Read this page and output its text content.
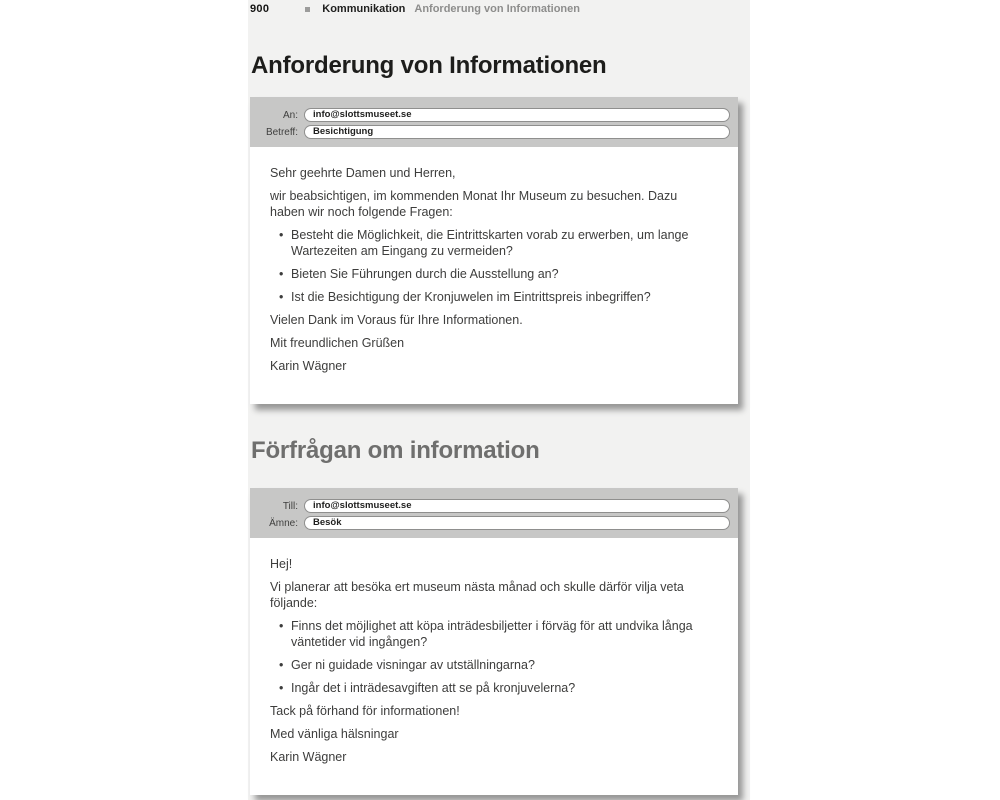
900	Kommunikation Anforderung von Informationen
Anforderung von Informationen
An:	info@slottsmuseet.se
Betreff:	Besichtigung

Sehr geehrte Damen und Herren,

wir beabsichtigen, im kommenden Monat Ihr Museum zu besuchen. Dazu haben wir noch folgende Fragen:

• Besteht die Möglichkeit, die Eintrittskarten vorab zu erwerben, um lange Wartezeiten am Eingang zu vermeiden?
• Bieten Sie Führungen durch die Ausstellung an?
• Ist die Besichtigung der Kronjuwelen im Eintrittspreis inbegriffen?

Vielen Dank im Voraus für Ihre Informationen.

Mit freundlichen Grüßen

Karin Wägner

Förfrågan om information
Till:	info@slottsmuseet.se
Ämne:	Besök

Hej!

Vi planerar att besöka ert museum nästa månad och skulle därför vilja veta följande:

• Finns det möjlighet att köpa inträdesbiljetter i förväg för att undvika långa väntetider vid ingången?
• Ger ni guidade visningar av utställningarna?
• Ingår det i inträdesavgiften att se på kronjuvelerna?

Tack på förhand för informationen!

Med vänliga hälsningar

Karin Wägner
